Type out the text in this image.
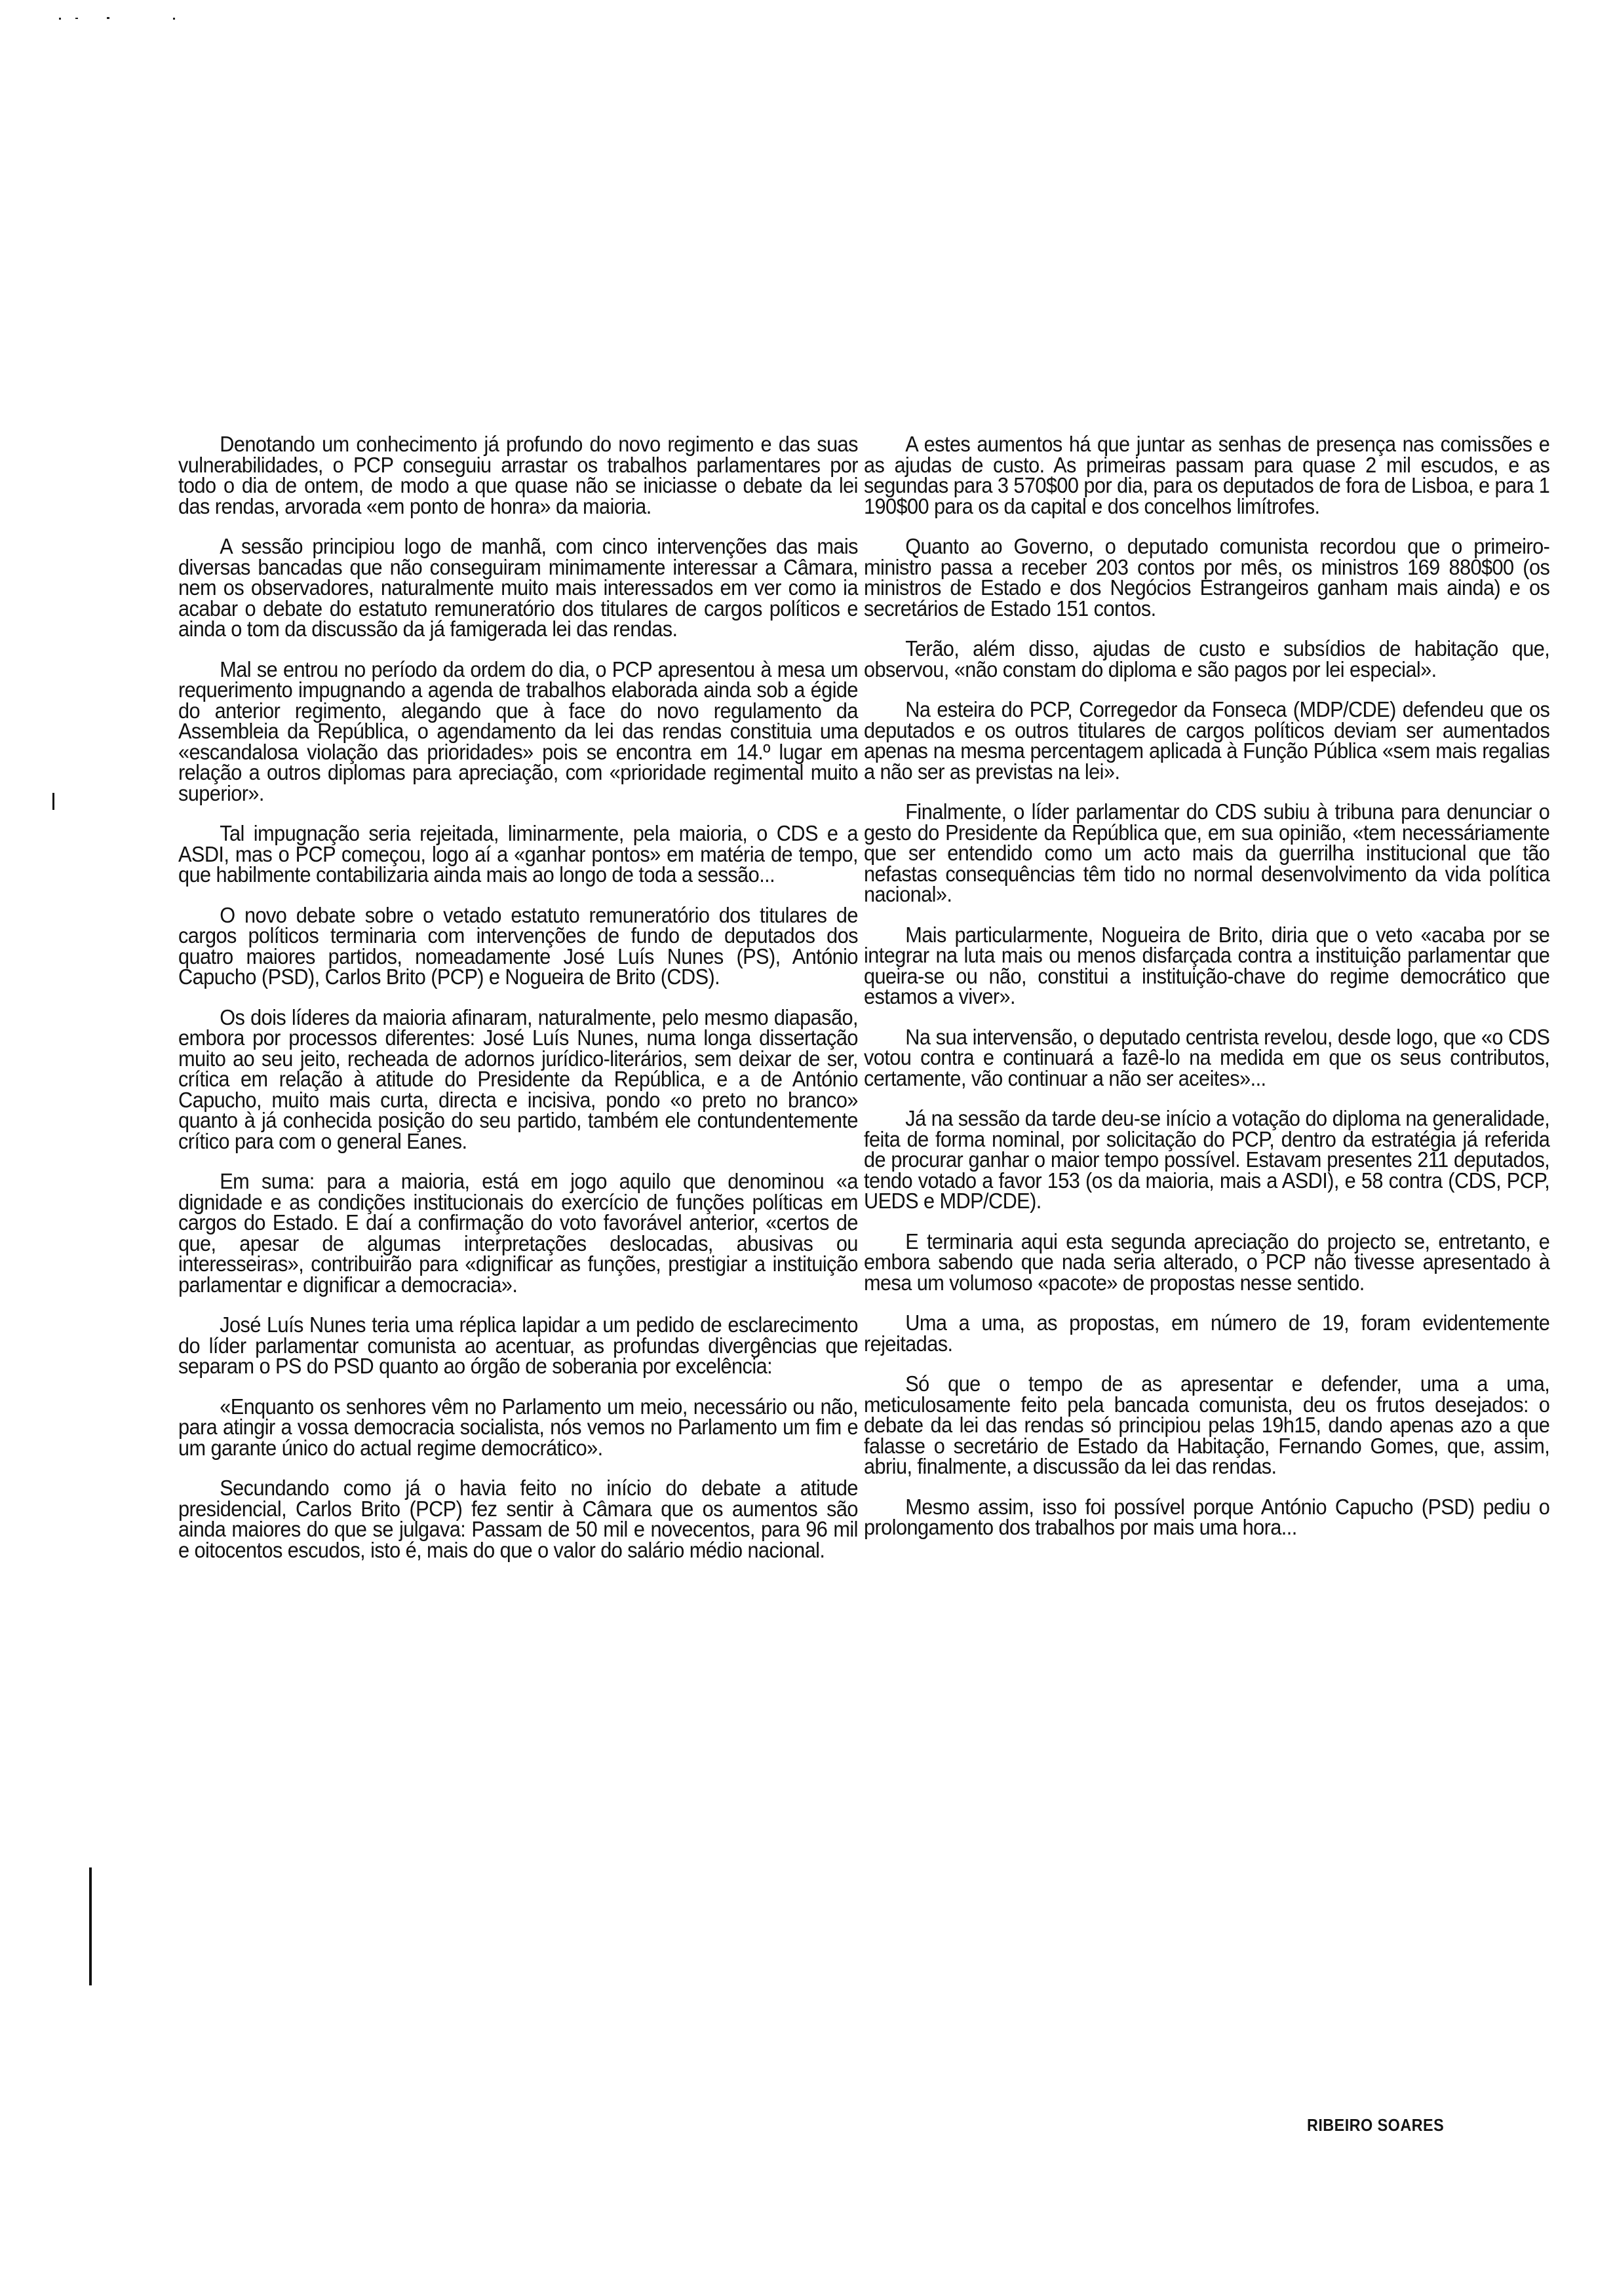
Denotando um conhecimento já profundo do novo regimento e das suas vulnerabilidades, o PCP conseguiu arrastar os trabalhos parlamentares por todo o dia de ontem, de modo a que quase não se iniciasse o debate da lei das rendas, arvorada «em ponto de honra» da maioria.

A sessão principiou logo de manhã, com cinco intervenções das mais diversas bancadas que não conseguiram minimamente interessar a Câmara, nem os observadores, naturalmente muito mais interessados em ver como ia acabar o debate do estatuto remuneratório dos titulares de cargos políticos e ainda o tom da discussão da já famigerada lei das rendas.

Mal se entrou no período da ordem do dia, o PCP apresentou à mesa um requerimento impugnando a agenda de trabalhos elaborada ainda sob a égide do anterior regimento, alegando que à face do novo regulamento da Assembleia da República, o agendamento da lei das rendas constituia uma «escandalosa violação das prioridades» pois se encontra em 14.º lugar em relação a outros diplomas para apreciação, com «prioridade regimental muito superior».

Tal impugnação seria rejeitada, liminarmente, pela maioria, o CDS e a ASDI, mas o PCP começou, logo aí a «ganhar pontos» em matéria de tempo, que habilmente contabilizaria ainda mais ao longo de toda a sessão...

O novo debate sobre o vetado estatuto remuneratório dos titulares de cargos políticos terminaria com intervenções de fundo de deputados dos quatro maiores partidos, nomeadamente José Luís Nunes (PS), António Capucho (PSD), Carlos Brito (PCP) e Nogueira de Brito (CDS).

Os dois líderes da maioria afinaram, naturalmente, pelo mesmo diapasão, embora por processos diferentes: José Luís Nunes, numa longa dissertação muito ao seu jeito, recheada de adornos jurídico-literários, sem deixar de ser, crítica em relação à atitude do Presidente da República, e a de António Capucho, muito mais curta, directa e incisiva, pondo «o preto no branco» quanto à já conhecida posição do seu partido, também ele contundentemente crítico para com o general Eanes.

Em suma: para a maioria, está em jogo aquilo que denominou «a dignidade e as condições institucionais do exercício de funções políticas em cargos do Estado. E daí a confirmação do voto favorável anterior, «certos de que, apesar de algumas interpretações deslocadas, abusivas ou interesseiras», contribuirão para «dignificar as funções, prestigiar a instituição parlamentar e dignificar a democracia».

José Luís Nunes teria uma réplica lapidar a um pedido de esclarecimento do líder parlamentar comunista ao acentuar, as profundas divergências que separam o PS do PSD quanto ao órgão de soberania por excelência:

«Enquanto os senhores vêm no Parlamento um meio, necessário ou não, para atingir a vossa democracia socialista, nós vemos no Parlamento um fim e um garante único do actual regime democrático».

Secundando como já o havia feito no início do debate a atitude presidencial, Carlos Brito (PCP) fez sentir à Câmara que os aumentos são ainda maiores do que se julgava: Passam de 50 mil e novecentos, para 96 mil e oitocentos escudos, isto é, mais do que o valor do salário médio nacional.

A estes aumentos há que juntar as senhas de presença nas comissões e as ajudas de custo. As primeiras passam para quase 2 mil escudos, e as segundas para 3 570$00 por dia, para os deputados de fora de Lisboa, e para 1 190$00 para os da capital e dos concelhos limítrofes.

Quanto ao Governo, o deputado comunista recordou que o primeiro-ministro passa a receber 203 contos por mês, os ministros 169 880$00 (os ministros de Estado e dos Negócios Estrangeiros ganham mais ainda) e os secretários de Estado 151 contos.

Terão, além disso, ajudas de custo e subsídios de habitação que, observou, «não constam do diploma e são pagos por lei especial».

Na esteira do PCP, Corregedor da Fonseca (MDP/CDE) defendeu que os deputados e os outros titulares de cargos políticos deviam ser aumentados apenas na mesma percentagem aplicada à Função Pública «sem mais regalias a não ser as previstas na lei».

Finalmente, o líder parlamentar do CDS subiu à tribuna para denunciar o gesto do Presidente da República que, em sua opinião, «tem necessáriamente que ser entendido como um acto mais da guerrilha institucional que tão nefastas consequências têm tido no normal desenvolvimento da vida política nacional».

Mais particularmente, Nogueira de Brito, diria que o veto «acaba por se integrar na luta mais ou menos disfarçada contra a instituição parlamentar que queira-se ou não, constitui a instituição-chave do regime democrático que estamos a viver».

Na sua intervensão, o deputado centrista revelou, desde logo, que «o CDS votou contra e continuará a fazê-lo na medida em que os seus contributos, certamente, vão continuar a não ser aceites»...

Já na sessão da tarde deu-se início a votação do diploma na generalidade, feita de forma nominal, por solicitação do PCP, dentro da estratégia já referida de procurar ganhar o maior tempo possível. Estavam presentes 211 deputados, tendo votado a favor 153 (os da maioria, mais a ASDI), e 58 contra (CDS, PCP, UEDS e MDP/CDE).

E terminaria aqui esta segunda apreciação do projecto se, entretanto, e embora sabendo que nada seria alterado, o PCP não tivesse apresentado à mesa um volumoso «pacote» de propostas nesse sentido.

Uma a uma, as propostas, em número de 19, foram evidentemente rejeitadas.

Só que o tempo de as apresentar e defender, uma a uma, meticulosamente feito pela bancada comunista, deu os frutos desejados: o debate da lei das rendas só principiou pelas 19h15, dando apenas azo a que falasse o secretário de Estado da Habitação, Fernando Gomes, que, assim, abriu, finalmente, a discussão da lei das rendas.

Mesmo assim, isso foi possível porque António Capucho (PSD) pediu o prolongamento dos trabalhos por mais uma hora...

RIBEIRO SOARES
